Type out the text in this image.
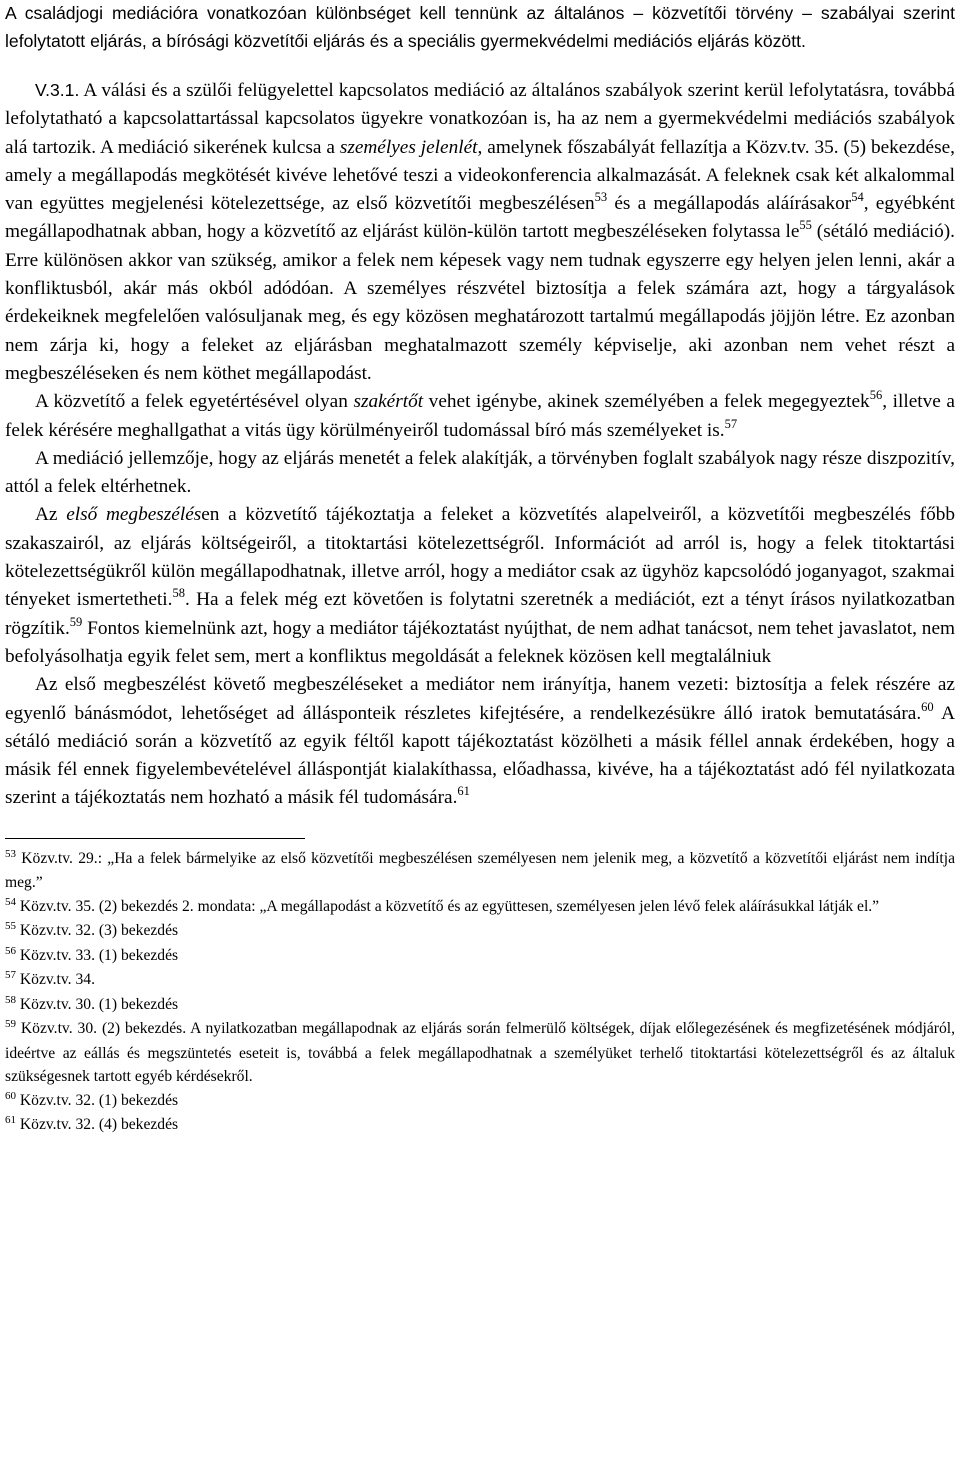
A családjogi mediációra vonatkozóan különbséget kell tennünk az általános – közvetítői törvény – szabályai szerint lefolytatott eljárás, a bírósági közvetítői eljárás és a speciális gyermekvédelmi mediációs eljárás között.

V.3.1. A válási és a szülői felügyelettel kapcsolatos mediáció az általános szabályok szerint kerül lefolytatásra, továbbá lefolytatható a kapcsolattartással kapcsolatos ügyekre vonatkozóan is, ha az nem a gyermekvédelmi mediációs szabályok alá tartozik. A mediáció sikerének kulcsa a személyes jelenlét, amelynek főszabályát fellazítja a Közv.tv. 35. (5) bekezdése, amely a megállapodás megkötését kivéve lehetővé teszi a videokonferencia alkalmazását. A feleknek csak két alkalommal van együttes megjelenési kötelezettsége, az első közvetítői megbeszélésen$^{53}$ és a megállapodás aláírásakor$^{54}$, egyébként megállapodhatnak abban, hogy a közvetítő az eljárást külön-külön tartott megbeszéléseken folytassa $le^{55}$ (sétáló mediáció). Erre különösen akkor van szükség, amikor a felek nem képesek vagy nem tudnak egyszerre egy helyen jelen lenni, akár a konfliktusból, akár más okból adódóan. A személyes részvétel biztosítja a felek számára azt, hogy a tárgyalások érdekeiknek megfelelően valósuljanak meg, és egy közösen meghatározott tartalmú megállapodás jöjjön létre. Ez azonban nem zárja ki, hogy a feleket az eljárásban meghatalmazott személy képviselje, aki azonban nem vehet részt a megbeszéléseken és nem köthet megállapodást.

A közvetítő a felek egyetértésével olyan szakértőt vehet igénybe, akinek személyében a felek megegyeztek$^{56}$, illetve a felek kérésére meghallgathat a vitás ügy körülményeiről tudomással bíró más személyeket is.$^{57}$

A mediáció jellemzője, hogy az eljárás menetét a felek alakítják, a törvényben foglalt szabályok nagy része diszpozitív, attól a felek eltérhetnek.

Az első megbeszélésen a közvetítő tájékoztatja a feleket a közvetítés alapelveiről, a közvetítői megbeszélés főbb szakaszairól, az eljárás költségeiről, a titoktartási kötelezettségről. Információt ad arról is, hogy a felek titoktartási kötelezettségükről külön megállapodhatnak, illetve arról, hogy a mediátor csak az ügyhöz kapcsolódó joganyagot, szakmai tényeket ismertetheti.$^{58}$. Ha a felek még ezt követően is folytatni szeretnék a mediációt, ezt a tényt írásos nyilatkozatban rögzítik.$^{59}$ Fontos kiemelnünk azt, hogy a mediátor tájékoztatást nyújthat, de nem adhat tanácsot, nem tehet javaslatot, nem befolyásolhatja egyik felet sem, mert a konfliktus megoldását a feleknek közösen kell megtalálniuk

Az első megbeszélést követő megbeszéléseket a mediátor nem irányítja, hanem vezeti: biztosítja a felek részére az egyenlő bánásmódot, lehetőséget ad állásponteik részletes kifejtésére, a rendelkezésükre álló iratok bemutatására.$^{60}$ A sétáló mediáció során a közvetítő az egyik féltől kapott tájékoztatást közölheti a másik féllel annak érdekében, hogy a másik fél ennek figyelembevételével álláspontját kialakíthassa, előadhassa, kivéve, ha a tájékoztatást adó fél nyilatkozata szerint a tájékoztatás nem hozható a másik fél tudomására.$^{61}$

$^{53}$ Közv.tv. 29.: „Ha a felek bármelyike az első közvetítői megbeszélésen személyesen nem jelenik meg, a közvetítő a közvetítői eljárást nem indítja meg.”

$^{54}$ Közv.tv. 35. (2) bekezdés 2. mondata: „A megállapodást a közvetítő és az együttesen, személyesen jelen lévő felek aláírásukkal látják el.”

$^{55}$ Közv.tv. 32. (3) bekezdés

$^{56}$ Közv.tv. 33. (1) bekezdés

$^{57}$ Közv.tv. 34.

$^{58}$ Közv.tv. 30. (1) bekezdés

$^{59}$ Közv.tv. 30. (2) bekezdés. A nyilatkozatban megállapodnak az eljárás során felmerülő költségek, díjak előlegezésének és megfizetésének módjáról, ideértve az eállás és megszüntetés eseteit is, továbbá a felek megállapodhatnak a személyüket terhelő titoktartási kötelezettségről és az általuk szükségesnek tartott egyéb kérdésekről.

$^{60}$ Közv.tv. 32. (1) bekezdés

$^{61}$ Közv.tv. 32. (4) bekezdés
